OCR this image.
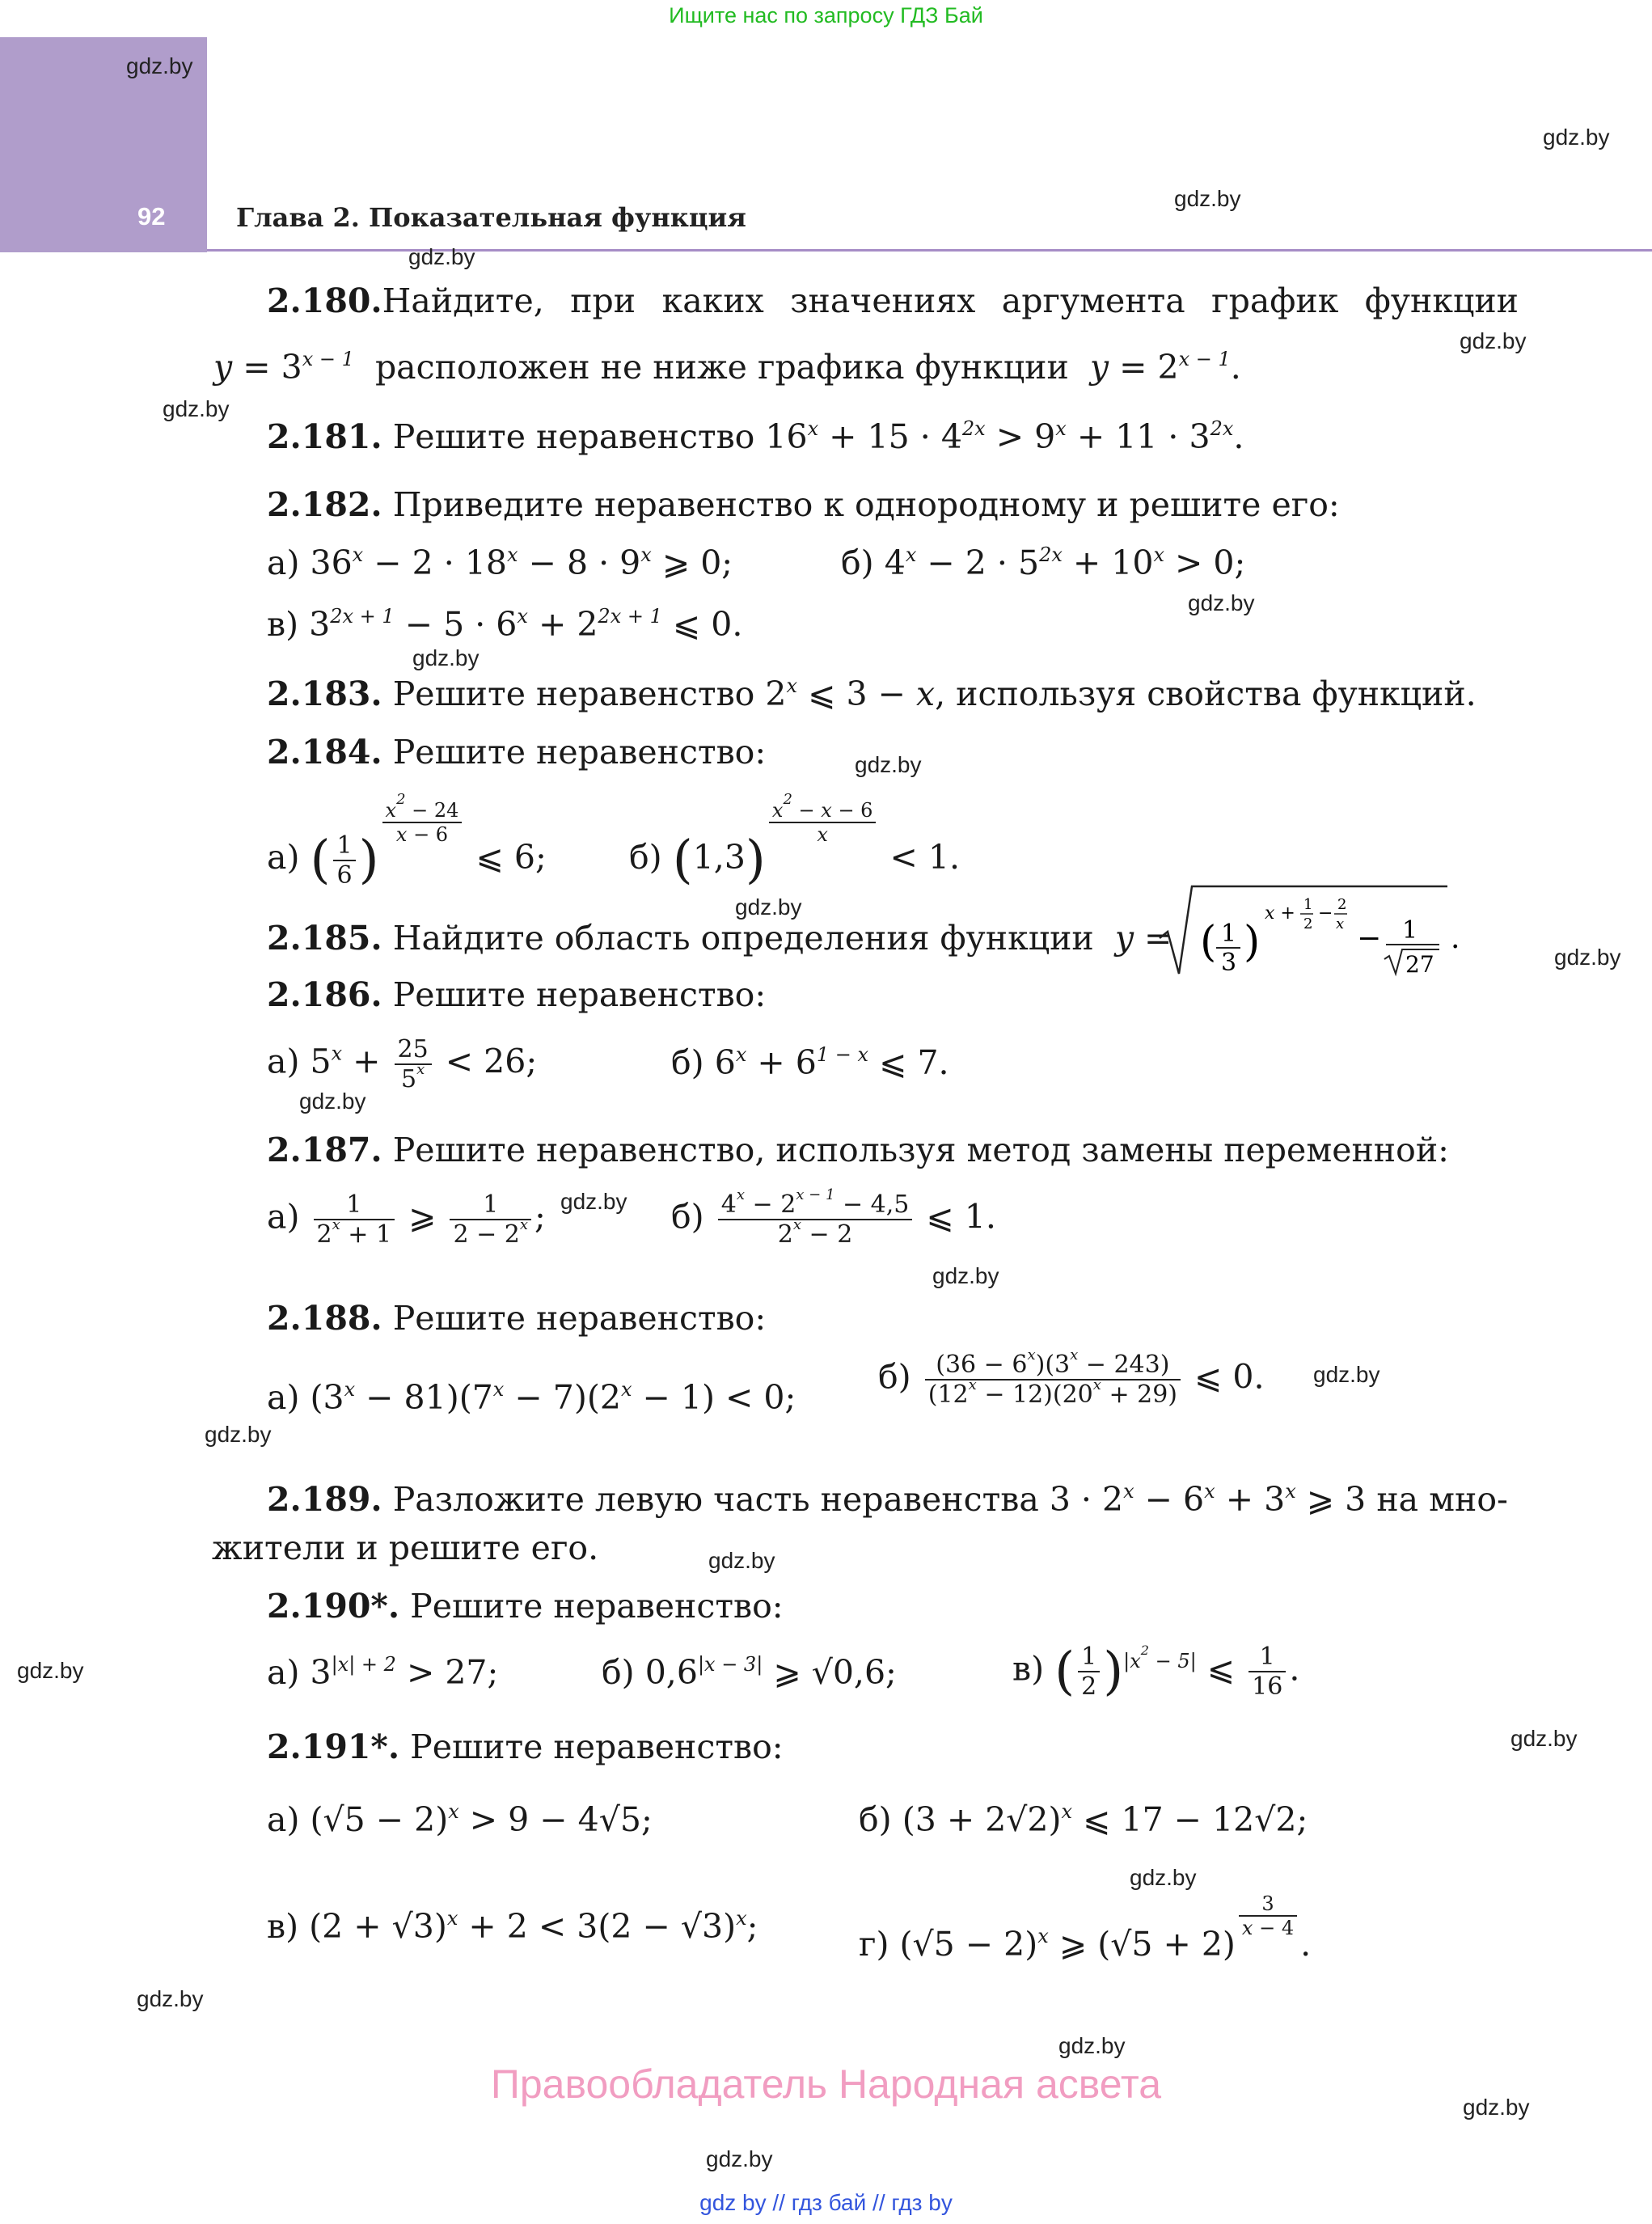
Ищите нас по запросу ГДЗ Бай
92	Глава 2. Показательная функция
gdz.by
gdz.by
gdz.by
gdz.by
gdz.by
gdz.by
gdz.by
gdz.by
gdz.by
gdz.by
gdz.by
gdz.by
gdz.by
gdz.by
gdz.by
gdz.by
gdz.by
gdz.by
gdz.by
gdz.by
gdz.by
gdz.by
gdz.by
gdz.by
2.180. Найдите, при каких значениях аргумента график функции
$y = 3^{x - 1}$ расположен не ниже графика функции $y = 2^{x - 1}$.
2.181. Решите неравенство $16^x + 15 \cdot 4^{2x} > 9^x + 11 \cdot 3^{2x}$.
2.182. Приведите неравенство к однородному и решите его:
а) $36^x - 2 \cdot 18^x - 8 \cdot 9^x$ ⩾ 0;	б) $4^x - 2 \cdot 5^{2x} + 10^x > 0$;
в) $3^{2x + 1} - 5 \cdot 6^x + 2^{2x + 1}$ ⩽ 0.
2.183. Решите неравенство 2$^x$ ⩽ 3 − x, используя свойства функций.
2.184. Решите неравенство:
а) ( $\frac{1}{6}$ )
$\frac{x^2 - 24}{x - 6}$
⩽ 6; б) (1,3)
$\frac{x^2 - x - 6}{x}$
< 1.
2.185. Найдите область определения функции y = ( 1
3 )
x + 1
2
− 2
x − 1
27
.
2.186. Решите неравенство:
а) $5^x + \frac{25}{5^x} < 26$;	б) $6^x + 6^{1 - x}$ ⩽ 7.
2.187. Решите неравенство, используя метод замены переменной:
$а) \frac{1}{2^x + 1}$ ⩾ $\frac{1}{2 - 2^x}$ ;	$б) \frac{4^x - 2^{x - 1} - 4,5}{2^x - 2}$ ⩽ 1.
2.188. Решите неравенство:
а) $(3^x - 81)(7^x - 7)(2^x - 1) < 0$;
$б) \frac{(36 - 6^x)(3^x - 243)}{(12^x - 12)(20^x + 29)}$ ⩽ 0.
2.189. Разложите левую часть неравенства $3 \cdot 2^x - 6^x + 3^x$ ⩾ 3 на мно-
жители и решите его.
2.190*. Решите неравенство:
а) $3^{|x| + 2} > 27$;	б) $0,6^{|x - 3|}$ ⩾ √0,6;	в) ( $\frac{1}{2} )^{|x^2 - 5|}$ ⩽ $\frac{1}{16}$ .
2.191*. Решите неравенство:
а) $(√5 - 2)^x > 9 - 4√5$;	б) $(3 + 2√2)^x$ ⩽ 17 − 12√2;
в) $(2 + √3)^x + 2 < 3(2 - √3)^x$;	г) $(√5 - 2)^x$ ⩾ (√5 + 2)
$\frac{3}{x - 4}$
.
Правообладатель Народная асвета
gdz by // гдз бай // гдз by
